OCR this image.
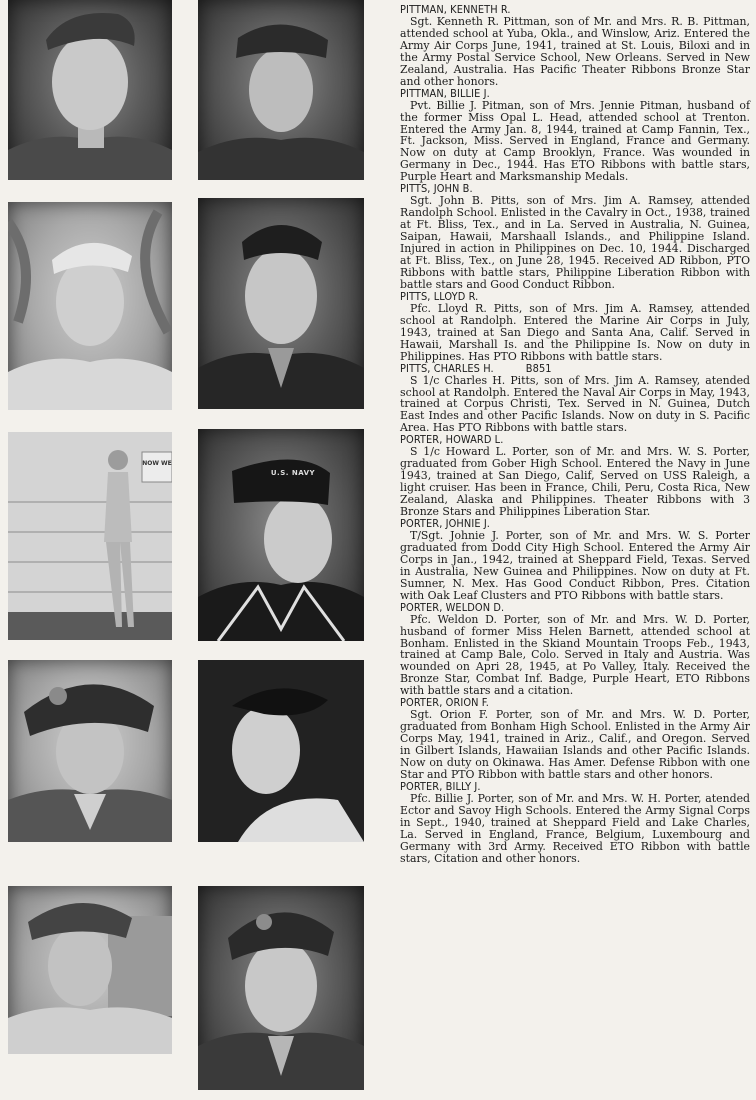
NOW WE
U.S. NAVY
PITTMAN, KENNETH R.
Sgt. Kenneth R. Pittman, son of Mr. and Mrs. R. B. Pittman, attended school at Yuba, Okla., and Winslow, Ariz. Entered the Army Air Corps June, 1941, trained at St. Louis, Biloxi and in the Army Postal Service School, New Orleans. Served in New Zealand, Australia. Has Pacific Theater Ribbons Bronze Star and other honors.
PITTMAN, BILLIE J.
Pvt. Billie J. Pitman, son of Mrs. Jennie Pitman, husband of the former Miss Opal L. Head, attended school at Trenton. Entered the Army Jan. 8, 1944, trained at Camp Fannin, Tex., Ft. Jackson, Miss. Served in England, France and Germany. Now on duty at Camp Brooklyn, France. Was wounded in Germany in Dec., 1944. Has ETO Ribbons with battle stars, Purple Heart and Marksmanship Medals.
PITTS, JOHN B.
Sgt. John B. Pitts, son of Mrs. Jim A. Ramsey, attended Randolph School. Enlisted in the Cavalry in Oct., 1938, trained at Ft. Bliss, Tex., and in La. Served in Australia, N. Guinea, Saipan, Hawaii, Marshaall Islands., and Philippine Island. Injured in action in Philippines on Dec. 10, 1944. Discharged at Ft. Bliss, Tex., on June 28, 1945. Received AD Ribbon, PTO Ribbons with battle stars, Philippine Liberation Ribbon with battle stars and Good Conduct Ribbon.
PITTS, LLOYD R.
Pfc. Lloyd R. Pitts, son of Mrs. Jim A. Ramsey, attended school at Randolph. Entered the Marine Air Corps in July, 1943, trained at San Diego and Santa Ana, Calif. Served in Hawaii, Marshall Is. and the Philippine Is. Now on duty in Philippines. Has PTO Ribbons with battle stars.
PITTS, CHARLES H.          B851
S 1/c Charles H. Pitts, son of Mrs. Jim A. Ramsey, atended school at Randolph. Entered the Naval Air Corps in May, 1943, trained at Corpus Christi, Tex. Served in N. Guinea, Dutch East Indes and other Pacific Islands. Now on duty in S. Pacific Area. Has PTO Ribbons with battle stars.
PORTER, HOWARD L.
S 1/c Howard L. Porter, son of Mr. and Mrs. W. S. Porter, graduated from Gober High School. Entered the Navy in June 1943, trained at San Diego, Calif, Served on USS Raleigh, a light cruiser. Has been in France, Chili, Peru, Costa Rica, New Zealand, Alaska and Philippines. Theater Ribbons with 3 Bronze Stars and Philippines Liberation Star.
PORTER, JOHNIE J.
T/Sgt. Johnie J. Porter, son of Mr. and Mrs. W. S. Porter graduated from Dodd City High School. Entered the Army Air Corps in Jan., 1942, trained at Sheppard Field, Texas. Served in Australia, New Guinea and Philippines. Now on duty at Ft. Sumner, N. Mex. Has Good Conduct Ribbon, Pres. Citation with Oak Leaf Clusters and PTO Ribbons with battle stars.
PORTER, WELDON D.
Pfc. Weldon D. Porter, son of Mr. and Mrs. W. D. Porter, husband of former Miss Helen Barnett, attended school at Bonham. Enlisted in the Skiand Mountain Troops Feb., 1943, trained at Camp Bale, Colo. Served in Italy and Austria. Was wounded on Apri 28, 1945, at Po Valley, Italy. Received the Bronze Star, Combat Inf. Badge, Purple Heart, ETO Ribbons with battle stars and a citation.
PORTER, ORION F.
Sgt. Orion F. Porter, son of Mr. and Mrs. W. D. Porter, graduated from Bonham High School. Enlisted in the Army Air Corps May, 1941, trained in Ariz., Calif., and Oregon. Served in Gilbert Islands, Hawaiian Islands and other Pacific Islands. Now on duty on Okinawa. Has Amer. Defense Ribbon with one Star and PTO Ribbon with battle stars and other honors.
PORTER, BILLY J.
Pfc. Billie J. Porter, son of Mr. and Mrs. W. H. Porter, atended Ector and Savoy High Schools. Entered the Army Signal Corps in Sept., 1940, trained at Sheppard Field and Lake Charles, La. Served in England, France, Belgium, Luxembourg and Germany with 3rd Army. Received ETO Ribbon with battle stars, Citation and other honors.
